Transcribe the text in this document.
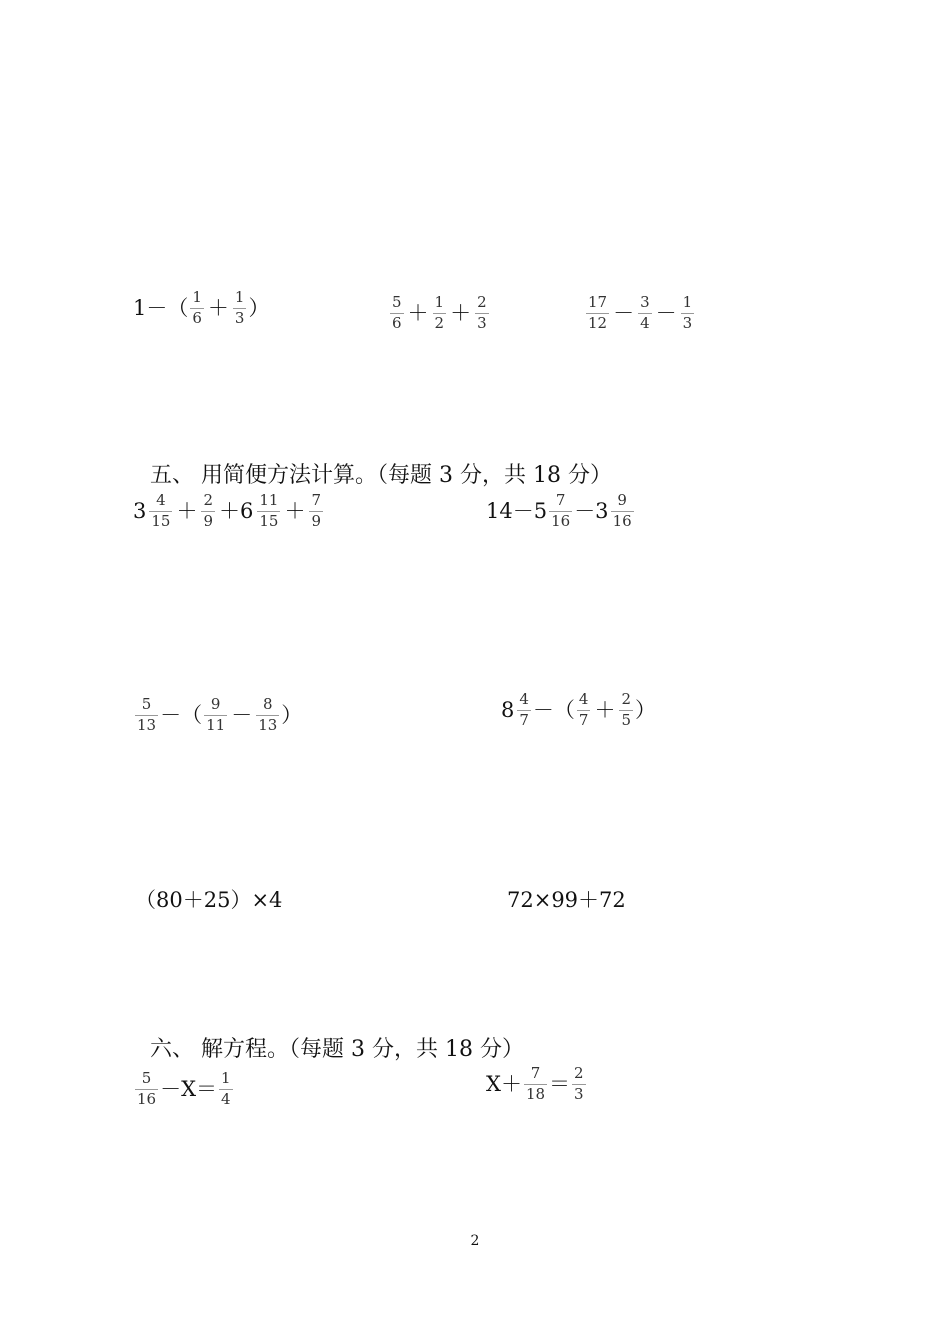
$1-( \frac{1}{6} + \frac{1}{3}$ ）	$\frac{5}{6} + \frac{1}{2} + \frac{2}{3}$	$\frac{17}{12} - \frac{3}{4} - \frac{1}{3}$
五、 用简便方法计算。（每题 3 分，共 18 分）
$3 \frac{4}{15} + \frac{2}{9} +6 \frac{11}{15} + \frac{7}{9}$	$14-5 \frac{7}{16} -3 \frac{9}{16}$
$\frac{5}{13}$ －（ $\frac{9}{11} - \frac{8}{13}$ ）	$8 \frac{4}{7}$ －（ $\frac{4}{7} + \frac{2}{5}$ ）
（80＋25）×4	72×99＋72
六、 解方程。（每题 3 分，共 18 分）
$\frac{5}{16} -X= \frac{1}{4}$	$X+ \frac{7}{18} = \frac{2}{3}$
2
